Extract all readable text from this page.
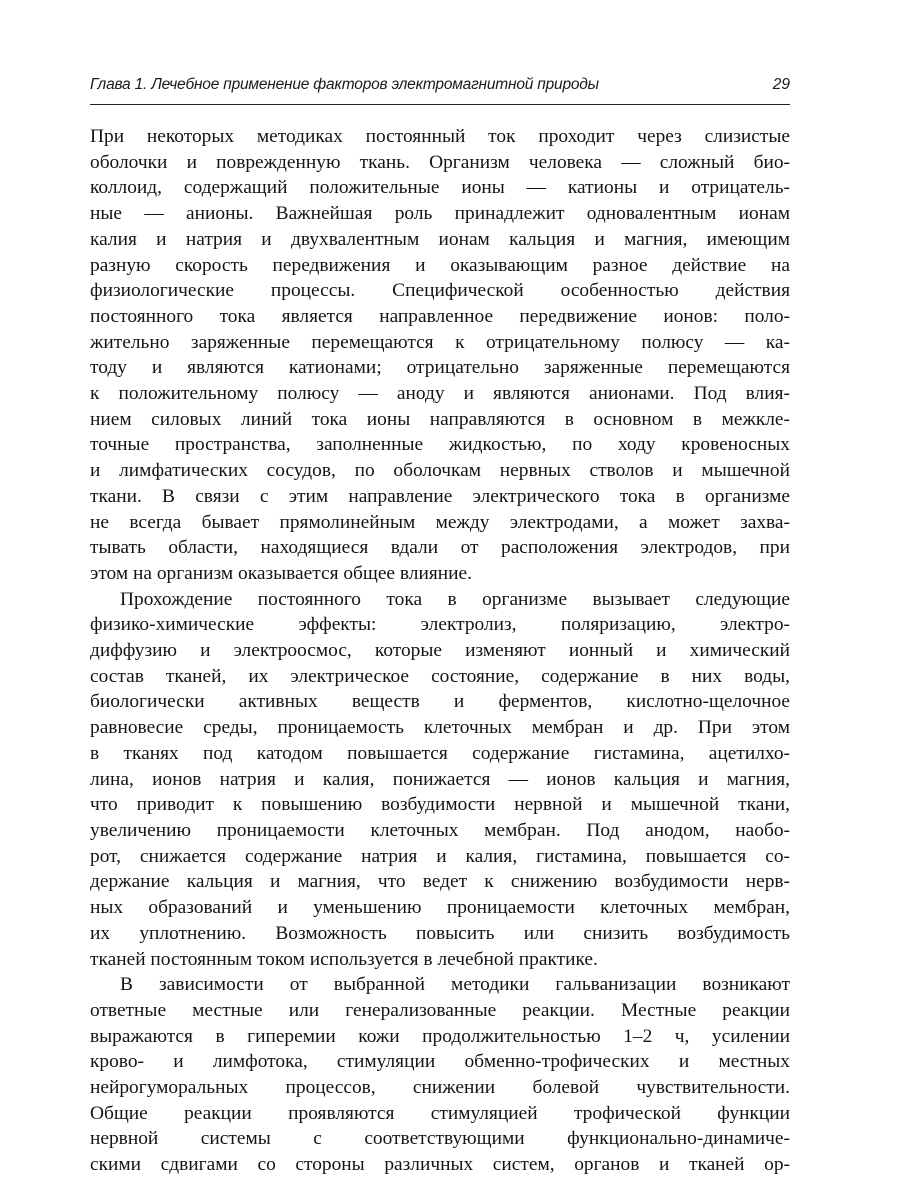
Глава 1. Лечебное применение факторов электромагнитной природы	29
При некоторых методиках постоянный ток проходит через слизистые
оболочки и поврежденную ткань. Организм человека — сложный био-
коллоид, содержащий положительные ионы — катионы и отрицатель-
ные — анионы. Важнейшая роль принадлежит одновалентным ионам
калия и натрия и двухвалентным ионам кальция и магния, имеющим
разную скорость передвижения и оказывающим разное действие на
физиологические процессы. Специфической особенностью действия
постоянного тока является направленное передвижение ионов: поло-
жительно заряженные перемещаются к отрицательному полюсу — ка-
тоду и являются катионами; отрицательно заряженные перемещаются
к положительному полюсу — аноду и являются анионами. Под влия-
нием силовых линий тока ионы направляются в основном в межкле-
точные пространства, заполненные жидкостью, по ходу кровеносных
и лимфатических сосудов, по оболочкам нервных стволов и мышечной
ткани. В связи с этим направление электрического тока в организме
не всегда бывает прямолинейным между электродами, а может захва-
тывать области, находящиеся вдали от расположения электродов, при
этом на организм оказывается общее влияние.
Прохождение постоянного тока в организме вызывает следующие
физико-химические эффекты: электролиз, поляризацию, электро-
диффузию и электроосмос, которые изменяют ионный и химический
состав тканей, их электрическое состояние, содержание в них воды,
биологически активных веществ и ферментов, кислотно-щелочное
равновесие среды, проницаемость клеточных мембран и др. При этом
в тканях под катодом повышается содержание гистамина, ацетилхо-
лина, ионов натрия и калия, понижается — ионов кальция и магния,
что приводит к повышению возбудимости нервной и мышечной ткани,
увеличению проницаемости клеточных мембран. Под анодом, наобо-
рот, снижается содержание натрия и калия, гистамина, повышается со-
держание кальция и магния, что ведет к снижению возбудимости нерв-
ных образований и уменьшению проницаемости клеточных мембран,
их уплотнению. Возможность повысить или снизить возбудимость
тканей постоянным током используется в лечебной практике.
В зависимости от выбранной методики гальванизации возникают
ответные местные или генерализованные реакции. Местные реакции
выражаются в гиперемии кожи продолжительностью 1–2 ч, усилении
крово- и лимфотока, стимуляции обменно-трофических и местных
нейрогуморальных процессов, снижении болевой чувствительности.
Общие реакции проявляются стимуляцией трофической функции
нервной системы с соответствующими функционально-динамиче-
скими сдвигами со стороны различных систем, органов и тканей ор-
